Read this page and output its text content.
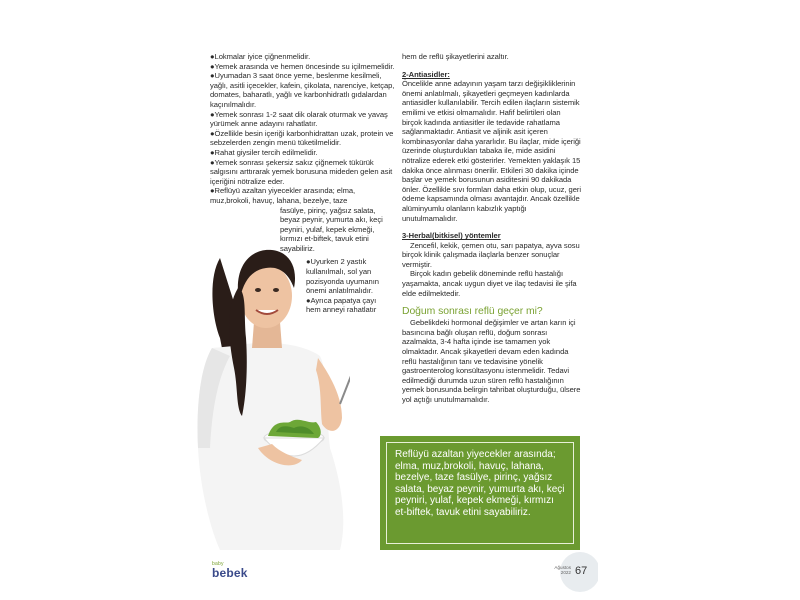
●Lokmalar iyice çiğnenmelidir.

●Yemek arasında ve hemen öncesinde su içilmemelidir.

●Uyumadan 3 saat önce yeme, beslenme kesilmeli, yağlı, asitli içecekler, kafein, çikolata, narenciye, ketçap, domates, baharatlı, yağlı ve karbonhidratlı gıdalardan kaçınılmalıdır.

●Yemek sonrası 1-2 saat dik olarak oturmak ve yavaş yürümek anne adayını rahatlatır.

●Özellikle besin içeriği karbonhidrattan uzak, protein ve sebzelerden zengin menü tüketilmelidir.

●Rahat giysiler tercih edilmelidir.

●Yemek sonrası şekersiz sakız çiğnemek tükürük salgısını arttırarak yemek borusuna mideden gelen asit içeriğini nötralize eder.

●Reflüyü azaltan yiyecekler arasında; elma, muz,brokoli, havuç, lahana, bezelye, taze

fasülye, pirinç, yağsız salata, beyaz peynir, yumurta akı, keçi peyniri, yulaf, kepek ekmeği, kırmızı et-biftek, tavuk etini sayabiliriz.

●Uyurken 2 yastık kullanılmalı, sol yan pozisyonda uyumanın önemi anlatılmalıdır.

●Ayrıca papatya çayı hem anneyi rahatlatır

hem de reflü şikayetlerini azaltır.

2-Antiasidler:

Öncelikle anne adayının yaşam tarzı değişikliklerinin önemi anlatılmalı, şikayetleri geçmeyen kadınlarda antiasidler kullanılabilir. Tercih edilen ilaçların sistemik emilimi ve etkisi olmamalıdır. Hafif belirtileri olan birçok kadında antiasitler ile tedavide rahatlama sağlanmaktadır. Antiasit ve aljinik asit içeren kombinasyonlar daha yararlıdır. Bu ilaçlar, mide içeriği üzerinde oluşturdukları tabaka ile, mide asidini nötralize ederek etki gösterirler. Yemekten yaklaşık 15 dakika önce alınması önerilir. Etkileri 30 dakika içinde başlar ve yemek borusunun asiditesini 90 dakikada önler. Özellikle sıvı formları daha etkin olup, ucuz, geri ödeme kapsamında olması avantajdır. Ancak özellikle alüminyumlu olanların kabızlık yaptığı unutulmamalıdır.

3-Herbal(bitkisel) yöntemler

Zencefil, kekik, çemen otu, sarı papatya, ayva sosu birçok klinik çalışmada ilaçlarla benzer sonuçlar vermiştir.

Birçok kadın gebelik döneminde reflü hastalığı yaşamakta, ancak uygun diyet ve ilaç tedavisi ile şifa elde edilmektedir.

Doğum sonrası reflü geçer mi?

Gebelikdeki hormonal değişimler ve artan karın içi basıncına bağlı oluşan reflü, doğum sonrası azalmakta, 3-4 hafta içinde ise tamamen yok olmaktadır. Ancak şikayetleri devam eden kadında reflü hastalığının tanı ve tedavisine yönelik gastroenterolog konsültasyonu istenmelidir. Tedavi edilmediği durumda uzun süren reflü hastalığının yemek borusunda belirgin tahribat oluşturduğu, ülsere yol açtığı unutulmamalıdır.

Reflüyü azaltan yiyecekler arasında; elma, muz,brokoli, havuç, lahana, bezelye, taze fasülye, pirinç, yağsız salata, beyaz peynir, yumurta akı, keçi peyniri, yulaf, kepek ekmeği, kırmızı et-biftek, tavuk etini sayabiliriz.
baby
bebek	Ağustos
2022 67
